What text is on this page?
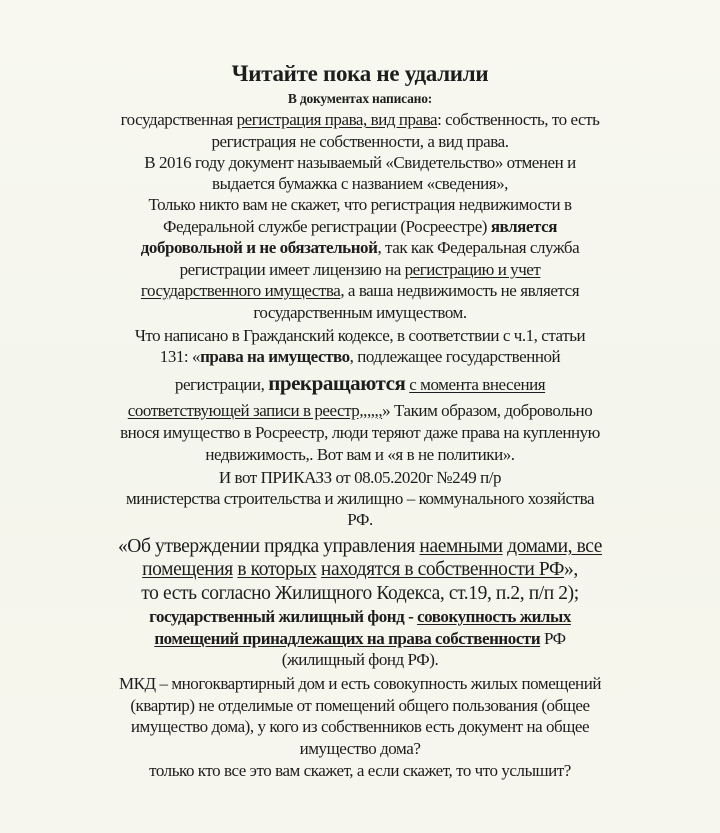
Читайте пока не удалили
В документах написано:
государственная регистрация права, вид права: собственность, то есть
регистрация не собственности, а вид права.
В 2016 году документ называемый «Свидетельство» отменен и
выдается бумажка с названием «сведения»,
Только никто вам не скажет, что регистрация недвижимости в
Федеральной службе регистрации (Росреестре) является
добровольной и не обязательной, так как Федеральная служба
регистрации имеет лицензию на регистрацию и учет
государственного имущества, а ваша недвижимость не является
государственным имуществом.
Что написано в Гражданский кодексе, в соответствии с ч.1, статьи
131: «права на имущество, подлежащее государственной
регистрации, прекращаются с момента внесения
соответствующей записи в реестр,,,,,,» Таким образом, добровольно
внося имущество в Росреестр, люди теряют даже права на купленную
недвижимость,. Вот вам и «я в не политики».
И вот ПРИКАЗЗ от 08.05.2020г №249 п/р
министерства строительства и жилищно – коммунального хозяйства
РФ.
«Об утверждении прядка управления наемными домами, все
помещения в которых находятся в собственности РФ»,
то есть согласно Жилищного Кодекса, ст.19, п.2, п/п 2);
государственный жилищный фонд - совокупность жилых
помещений принадлежащих на права собственности РФ
(жилищный фонд РФ).
МКД – многоквартирный дом и есть совокупность жилых помещений
(квартир) не отделимые от помещений общего пользования (общее
имущество дома), у кого из собственников есть документ на общее
имущество дома?
только кто все это вам скажет, а если скажет, то что услышит?
